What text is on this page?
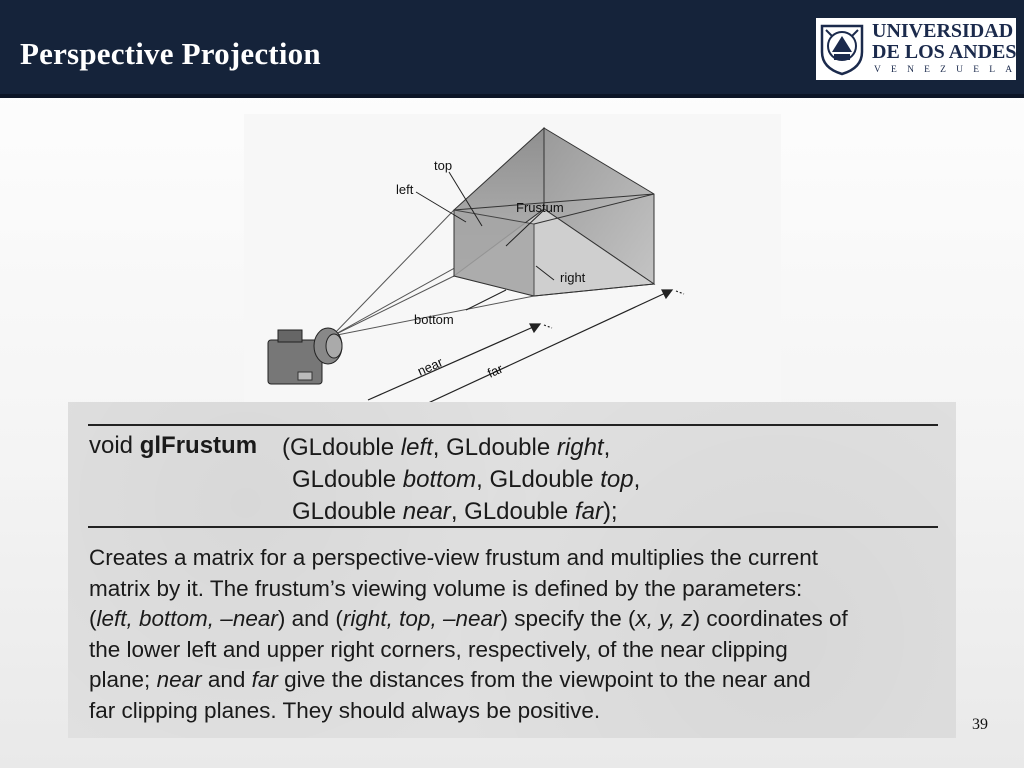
Perspective Projection
UNIVERSIDAD
DE LOS ANDES
VENEZUELA
top
left
Frustum
right
bottom
near	far
void glFrustum (GLdouble left, GLdouble right,
GLdouble bottom, GLdouble top,
GLdouble near, GLdouble far);
Creates a matrix for a perspective-view frustum and multiplies the current
matrix by it. The frustum’s viewing volume is defined by the parameters:
(left, bottom, –near) and (right, top, –near) specify the (x, y, z) coordinates of
the lower left and upper right corners, respectively, of the near clipping
plane; near and far give the distances from the viewpoint to the near and
far clipping planes. They should always be positive.
39
